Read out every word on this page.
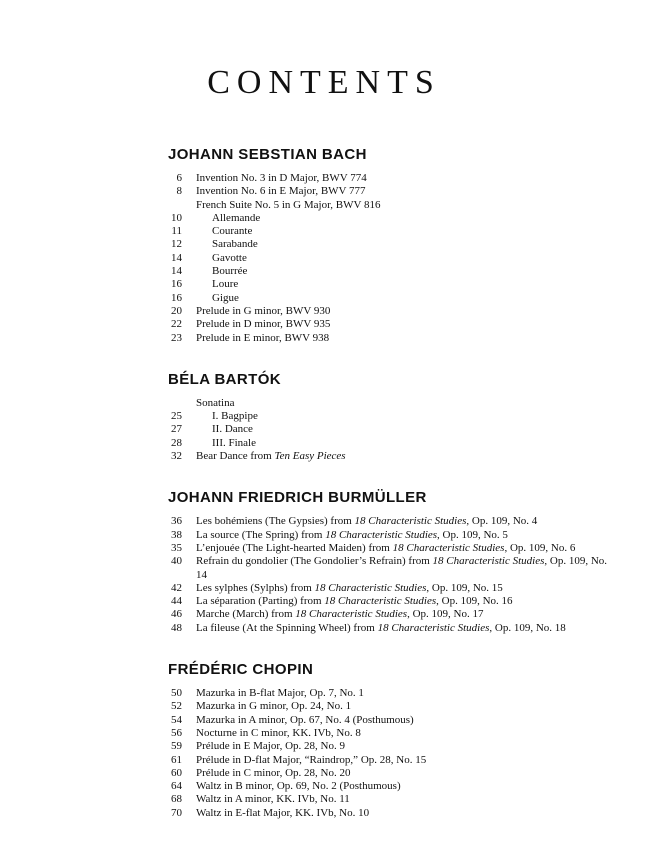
CONTENTS
JOHANN SEBSTIAN BACH
6 Invention No. 3 in D Major, BWV 774
8 Invention No. 6 in E Major, BWV 777
French Suite No. 5 in G Major, BWV 816
10	Allemande
11	Courante
12	Sarabande
14	Gavotte
14	Bourrée
16	Loure
16	Gigue
20 Prelude in G minor, BWV 930
22 Prelude in D minor, BWV 935
23 Prelude in E minor, BWV 938
BÉLA BARTÓK
Sonatina
25	I. Bagpipe
27	II. Dance
28	III. Finale
32 Bear Dance from Ten Easy Pieces
JOHANN FRIEDRICH BURMÜLLER
36 Les bohémiens (The Gypsies) from 18 Characteristic Studies, Op. 109, No. 4
38 La source (The Spring) from 18 Characteristic Studies, Op. 109, No. 5
35 L’enjouée (The Light-hearted Maiden) from 18 Characteristic Studies, Op. 109, No. 6
40 Refrain du gondolier (The Gondolier’s Refrain) from 18 Characteristic Studies, Op. 109, No. 14
42 Les sylphes (Sylphs) from 18 Characteristic Studies, Op. 109, No. 15
44 La séparation (Parting) from 18 Characteristic Studies, Op. 109, No. 16
46 Marche (March) from 18 Characteristic Studies, Op. 109, No. 17
48 La fileuse (At the Spinning Wheel) from 18 Characteristic Studies, Op. 109, No. 18
FRÉDÉRIC CHOPIN
50 Mazurka in B-flat Major, Op. 7, No. 1
52 Mazurka in G minor, Op. 24, No. 1
54 Mazurka in A minor, Op. 67, No. 4 (Posthumous)
56 Nocturne in C minor, KK. IVb, No. 8
59 Prélude in E Major, Op. 28, No. 9
61 Prélude in D-flat Major, “Raindrop,” Op. 28, No. 15
60 Prélude in C minor, Op. 28, No. 20
64 Waltz in B minor, Op. 69, No. 2 (Posthumous)
68 Waltz in A minor, KK. IVb, No. 11
70 Waltz in E-flat Major, KK. IVb, No. 10
